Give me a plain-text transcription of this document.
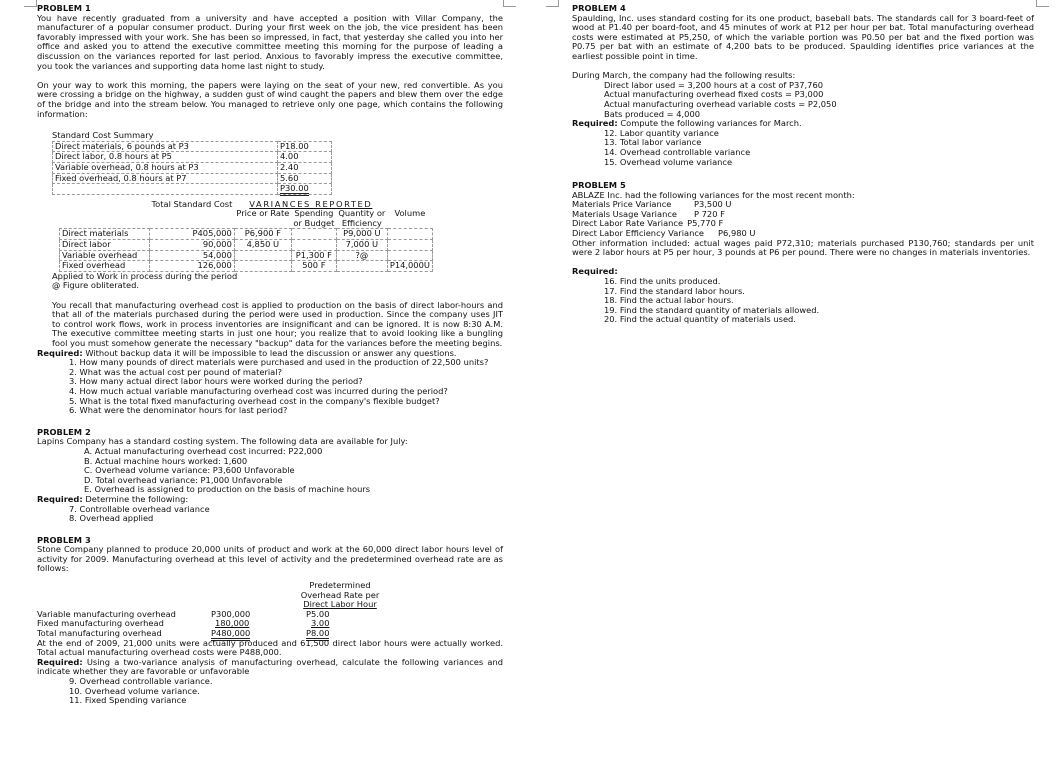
PROBLEM 1

You have recently graduated from a university and have accepted a position with Villar Company, the manufacturer of a popular consumer product. During your first week on the job, the vice president has been favorably impressed with your work. She has been so impressed, in fact, that yesterday she called you into her office and asked you to attend the executive committee meeting this morning for the purpose of leading a discussion on the variances reported for last period. Anxious to favorably impress the executive committee, you took the variances and supporting data home last night to study.

On your way to work this morning, the papers were laying on the seat of your new, red convertible. As you were crossing a bridge on the highway, a sudden gust of wind caught the papers and blew them over the edge of the bridge and into the stream below. You managed to retrieve only one page, which contains the following information:

Standard Cost Summary

Direct materials, 6 pounds at P3	P18.00
Direct labor, 0.8 hours at P5	4.00
Variable overhead, 0.8 hours at P3	2.40
Fixed overhead, 0.8 hours at P7	5.60
	P30.00
	Total Standard Cost	VARIANCES REPORTED			
		Price or Rate	Spending
or Budget	Quantity or
Efficiency	Volume
Direct materials	P405,000	P6,900 F		P9,000 U	
Direct labor	90,000	4,850 U		7,000 U	
Variable overhead	54,000		P1,300 F	?@	
Fixed overhead	126,000		500 F		P14,000U

Applied to Work in process during the period

@ Figure obliterated.

You recall that manufacturing overhead cost is applied to production on the basis of direct labor-hours and that all of the materials purchased during the period were used in production. Since the company uses JIT to control work flows, work in process inventories are insignificant and can be ignored. It is now 8:30 A.M. The executive committee meeting starts in just one hour; you realize that to avoid looking like a bungling fool you must somehow generate the necessary "backup" data for the variances before the meeting begins.

Required: Without backup data it will be impossible to lead the discussion or answer any questions.

1. How many pounds of direct materials were purchased and used in the production of 22,500 units?
2. What was the actual cost per pound of material?
3. How many actual direct labor hours were worked during the period?
4. How much actual variable manufacturing overhead cost was incurred during the period?
5. What is the total fixed manufacturing overhead cost in the company's flexible budget?
6. What were the denominator hours for last period?

PROBLEM 2

Lapins Company has a standard costing system. The following data are available for July:

A. Actual manufacturing overhead cost incurred: P22,000
B. Actual machine hours worked: 1,600
C. Overhead volume variance: P3,600 Unfavorable
D. Total overhead variance: P1,000 Unfavorable
E. Overhead is assigned to production on the basis of machine hours

Required: Determine the following:

7. Controllable overhead variance
8. Overhead applied

PROBLEM 3

Stone Company planned to produce 20,000 units of product and work at the 60,000 direct labor hours level of activity for 2009. Manufacturing overhead at this level of activity and the predetermined overhead rate are as follows:

Predetermined

Overhead Rate per

Direct Labor Hour

Variable manufacturing overhead	P300,000	P5.00
Fixed manufacturing overhead	180,000	3.00
Total manufacturing overhead	P480,000	P8.00

At the end of 2009, 21,000 units were actually produced and 61,500 direct labor hours were actually worked. Total actual manufacturing overhead costs were P488,000.

Required: Using a two-variance analysis of manufacturing overhead, calculate the following variances and indicate whether they are favorable or unfavorable

9. Overhead controllable variance.
10. Overhead volume variance.
11. Fixed Spending variance

PROBLEM 4

Spaulding, Inc. uses standard costing for its one product, baseball bats. The standards call for 3 board-feet of wood at P1.40 per board-foot, and 45 minutes of work at P12 per hour per bat. Total manufacturing overhead costs were estimated at P5,250, of which the variable portion was P0.50 per bat and the fixed portion was P0.75 per bat with an estimate of 4,200 bats to be produced. Spaulding identifies price variances at the earliest possible point in time.

During March, the company had the following results:

Direct labor used = 3,200 hours at a cost of P37,760
Actual manufacturing overhead fixed costs = P3,000
Actual manufacturing overhead variable costs = P2,050
Bats produced = 4,000

Required: Compute the following variances for March.

12. Labor quantity variance
13. Total labor variance
14. Overhead controllable variance
15. Overhead volume variance

PROBLEM 5

ABLAZE Inc. had the following variances for the most recent month:

Materials Price Variance	P3,500 U
Materials Usage Variance	P 720 F
Direct Labor Rate Variance P5,770 F
Direct Labor Efficiency Variance P6,980 U

Other information included: actual wages paid P72,310; materials purchased P130,760; standards per unit were 2 labor hours at P5 per hour, 3 pounds at P6 per pound. There were no changes in materials inventories.

Required:

16. Find the units produced.
17. Find the standard labor hours.
18. Find the actual labor hours.
19. Find the standard quantity of materials allowed.
20. Find the actual quantity of materials used.
